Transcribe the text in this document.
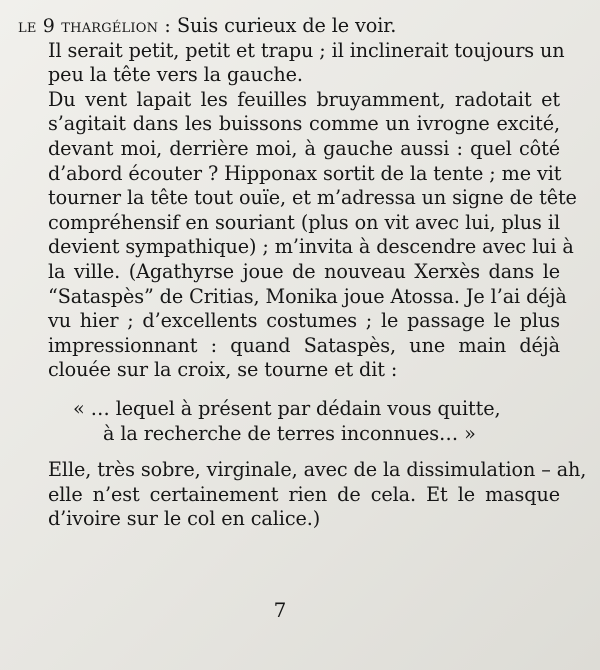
le 9 thargélion : Suis curieux de le voir.
Il serait petit, petit et trapu ; il inclinerait toujours un
peu la tête vers la gauche.
Du vent lapait les feuilles bruyamment, radotait et
s’agitait dans les buissons comme un ivrogne excité,
devant moi, derrière moi, à gauche aussi : quel côté
d’abord écouter ? Hipponax sortit de la tente ; me vit
tourner la tête tout ouïe, et m’adressa un signe de tête
compréhensif en souriant (plus on vit avec lui, plus il
devient sympathique) ; m’invita à descendre avec lui à
la ville. (Agathyrse joue de nouveau Xerxès dans le
“Sataspès” de Critias, Monika joue Atossa. Je l’ai déjà
vu hier ; d’excellents costumes ; le passage le plus
impressionnant : quand Sataspès, une main déjà
clouée sur la croix, se tourne et dit :
« … lequel à présent par dédain vous quitte,
à la recherche de terres inconnues… »
Elle, très sobre, virginale, avec de la dissimulation – ah,
elle n’est certainement rien de cela. Et le masque
d’ivoire sur le col en calice.)
7
